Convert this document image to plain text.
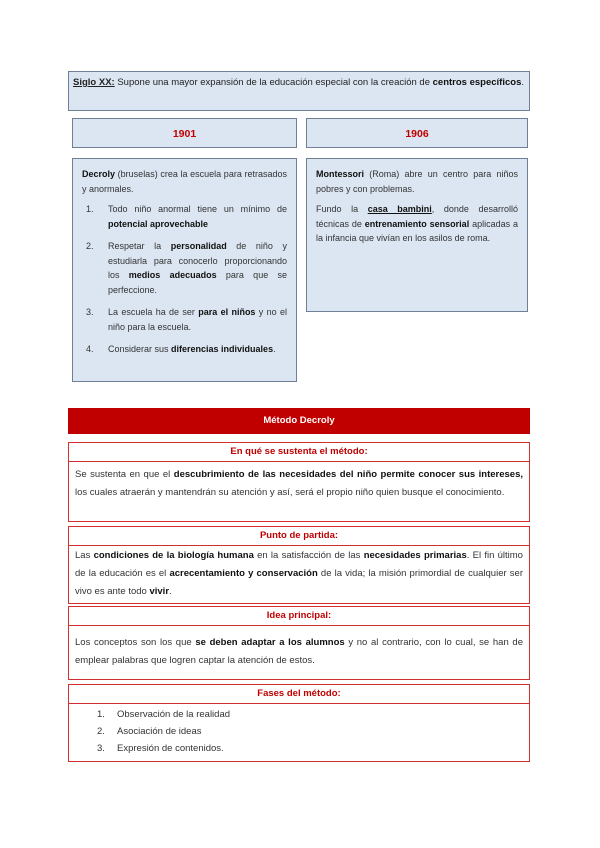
Siglo XX: Supone una mayor expansión de la educación especial con la creación de centros específicos.
1901	1906

Decroly (bruselas) crea la escuela para retrasados y anormales.

1. Todo niño anormal tiene un mínimo de potencial aprovechable
2. Respetar la personalidad de niño y estudiarla para conocerlo proporcionando los medios adecuados para que se perfeccione.
3. La escuela ha de ser para el niños y no el niño para la escuela.
4. Considerar sus diferencias individuales.

Montessori (Roma) abre un centro para niños pobres y con problemas.

Fundo la casa bambini, donde desarrolló técnicas de entrenamiento sensorial aplicadas a la infancia que vivían en los asilos de roma.

Método Decroly
En qué se sustenta el método:
Se sustenta en que el descubrimiento de las necesidades del niño permite conocer sus intereses, los cuales atraerán y mantendrán su atención y así, será el propio niño quien busque el conocimiento.
Punto de partida:
Las condiciones de la biología humana en la satisfacción de las necesidades primarias. El fin último de la educación es el acrecentamiento y conservación de la vida; la misión primordial de cualquier ser vivo es ante todo vivir.
Idea principal:
Los conceptos son los que se deben adaptar a los alumnos y no al contrario, con lo cual, se han de emplear palabras que logren captar la atención de estos.
Fases del método:
1. Observación de la realidad
2. Asociación de ideas
3. Expresión de contenidos.
